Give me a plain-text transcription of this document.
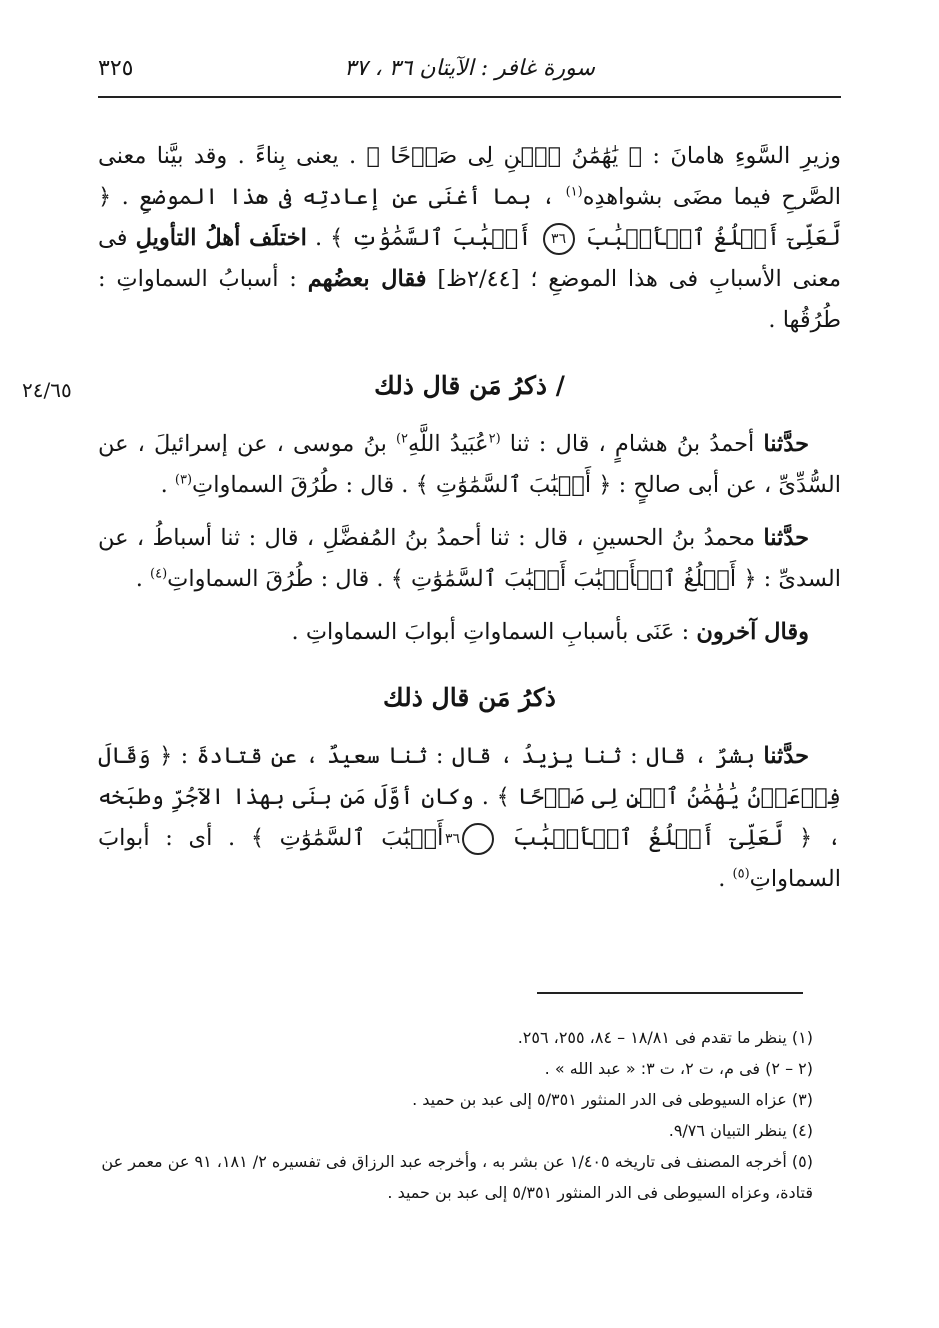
سورة غافر : الآيتان ٣٦ ، ٣٧
٣٢٥
٢٤/٦٥

وزيرِ السَّوءِ هامانَ : ﴿ يَٰهَٰمَٰنُ ٱبۡنِ لِى صَرۡحًا ﴾ . يعنى بِناءً . وقد بيَّنا معنى الصَّرحِ فيما مضَى بشواهدِه$^{(١)}$ ، بما أغنَى عن إعادتِه فى هذا الموضعِ . ﴿ لَّعَلِّىٓ أَبۡلُغُ ٱلۡأَسۡبَٰبَ ٣٦ أَسۡبَٰبَ ٱلسَّمَٰوَٰتِ ﴾ . اختلَف أهلُ التأويلِ فى معنى الأسبابِ فى هذا الموضعِ ؛ [٢/٤٤ظ] فقال بعضُهم : أسبابُ السماواتِ : طُرُقُها .

/ ذكرُ مَن قال ذلك

حدَّثنا أحمدُ بنُ هشامٍ ، قال : ثنا $^{(٢}$عُبَيدُ اللَّهِ$^{٢)}$ بنُ موسى ، عن إسرائيلَ ، عن السُّدِّىِّ ، عن أبى صالحٍ : ﴿ أَسۡبَٰبَ ٱلسَّمَٰوَٰتِ ﴾ . قال : طُرُقَ السماواتِ$^{(٣)}$ .

حدَّثنا محمدُ بنُ الحسينِ ، قال : ثنا أحمدُ بنُ المُفضَّلِ ، قال : ثنا أسباطُ ، عن السدىِّ : ﴿ أَبۡلُغُ ٱلۡأَسۡبَٰبَ أَسۡبَٰبَ ٱلسَّمَٰوَٰتِ ﴾ . قال : طُرُقَ السماواتِ$^{(٤)}$ .

وقال آخرون : عَنَى بأسبابِ السماواتِ أبوابَ السماواتِ .

ذكرُ مَن قال ذلك

حدَّثنا بشرٌ ، قال : ثنا يزيدُ ، قال : ثنا سعيدٌ ، عن قتادةَ : ﴿ وَقَالَ فِرۡعَوۡنُ يَٰهَٰمَٰنُ ٱبۡنِ لِى صَرۡحًا ﴾ . وكان أوَّلَ مَن بنَى بهذا الآجُرِّ وطبَخه ، ﴿ لَّعَلِّىٓ أَبۡلُغُ ٱلۡأَسۡبَٰبَ ٣٦ أَسۡبَٰبَ ٱلسَّمَٰوَٰتِ ﴾ . أى : أبوابَ السماواتِ$^{(٥)}$ .

(١) ينظر ما تقدم فى ١٨/٨١ – ٨٤، ٢٥٥، ٢٥٦.
(٢ – ٢) فى م، ت ٢، ت ٣: « عبد الله » .
(٣) عزاه السيوطى فى الدر المنثور ٥/٣٥١ إلى عبد بن حميد .
(٤) ينظر التبيان ٩/٧٦.
(٥) أخرجه المصنف فى تاريخه ١/٤٠٥ عن بشر به ، وأخرجه عبد الرزاق فى تفسيره ٢/ ١٨١، ٩١ عن معمر عن قتادة، وعزاه السيوطى فى الدر المنثور ٥/٣٥١ إلى عبد بن حميد .
